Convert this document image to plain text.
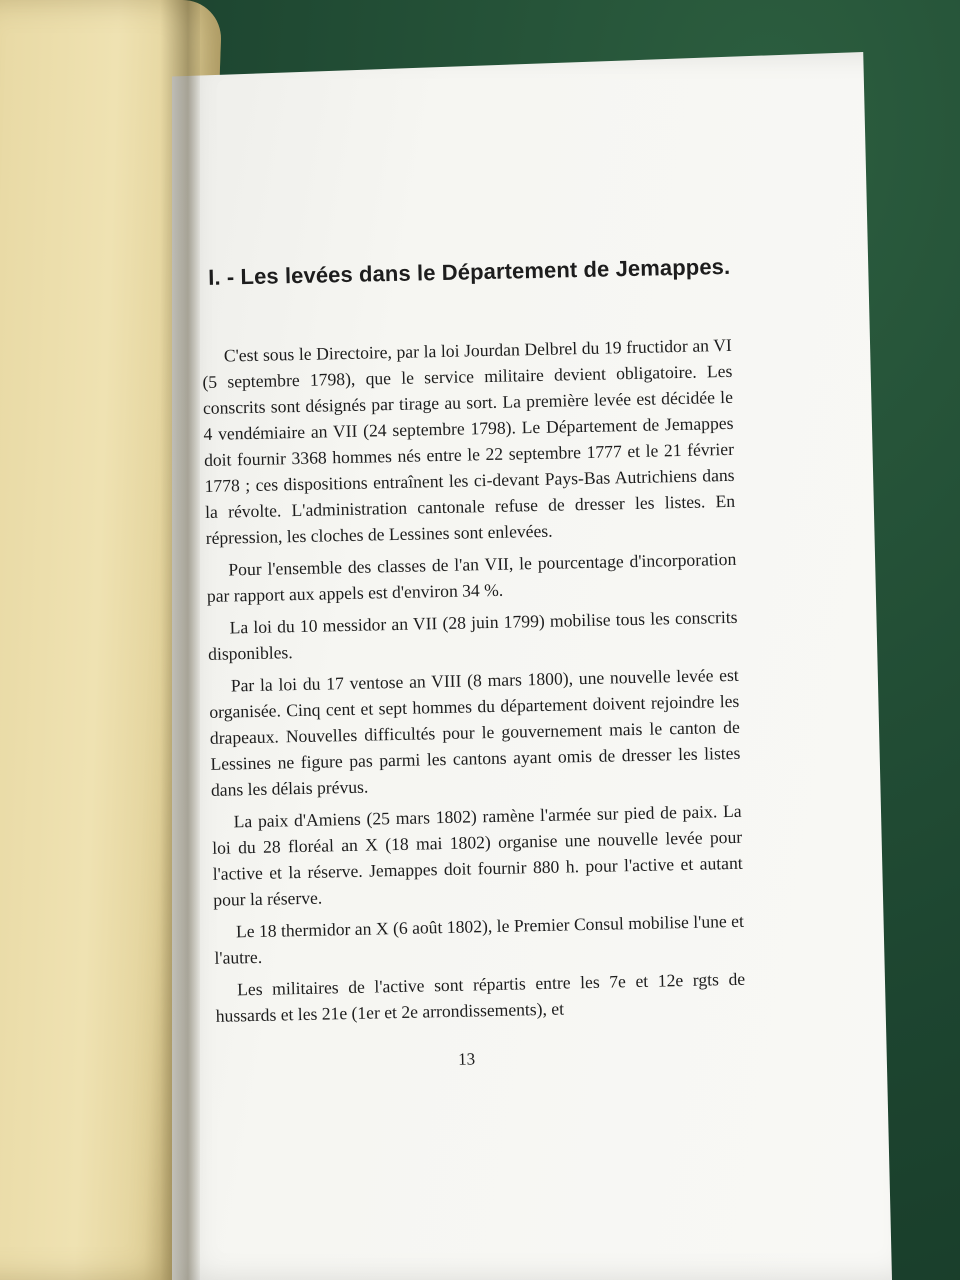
I. - Les levées dans le Département de Jemappes.

C'est sous le Directoire, par la loi Jourdan Delbrel du 19 fructidor an VI (5 septembre 1798), que le service militaire devient obligatoire. Les conscrits sont désignés par tirage au sort. La première levée est décidée le 4 vendémiaire an VII (24 septembre 1798). Le Département de Jemappes doit fournir 3368 hommes nés entre le 22 septembre 1777 et le 21 février 1778 ; ces dispositions entraînent les ci-devant Pays-Bas Autrichiens dans la révolte. L'administration cantonale refuse de dresser les listes. En répression, les cloches de Lessines sont enlevées.

Pour l'ensemble des classes de l'an VII, le pourcentage d'incorporation par rapport aux appels est d'environ 34 %.

La loi du 10 messidor an VII (28 juin 1799) mobilise tous les conscrits disponibles.

Par la loi du 17 ventose an VIII (8 mars 1800), une nouvelle levée est organisée. Cinq cent et sept hommes du département doivent rejoindre les drapeaux. Nouvelles difficultés pour le gouvernement mais le canton de Lessines ne figure pas parmi les cantons ayant omis de dresser les listes dans les délais prévus.

La paix d'Amiens (25 mars 1802) ramène l'armée sur pied de paix. La loi du 28 floréal an X (18 mai 1802) organise une nouvelle levée pour l'active et la réserve. Jemappes doit fournir 880 h. pour l'active et autant pour la réserve.

Le 18 thermidor an X (6 août 1802), le Premier Consul mobilise l'une et l'autre.

Les militaires de l'active sont répartis entre les 7e et 12e rgts de hussards et les 21e (1er et 2e arrondissements), et

13
